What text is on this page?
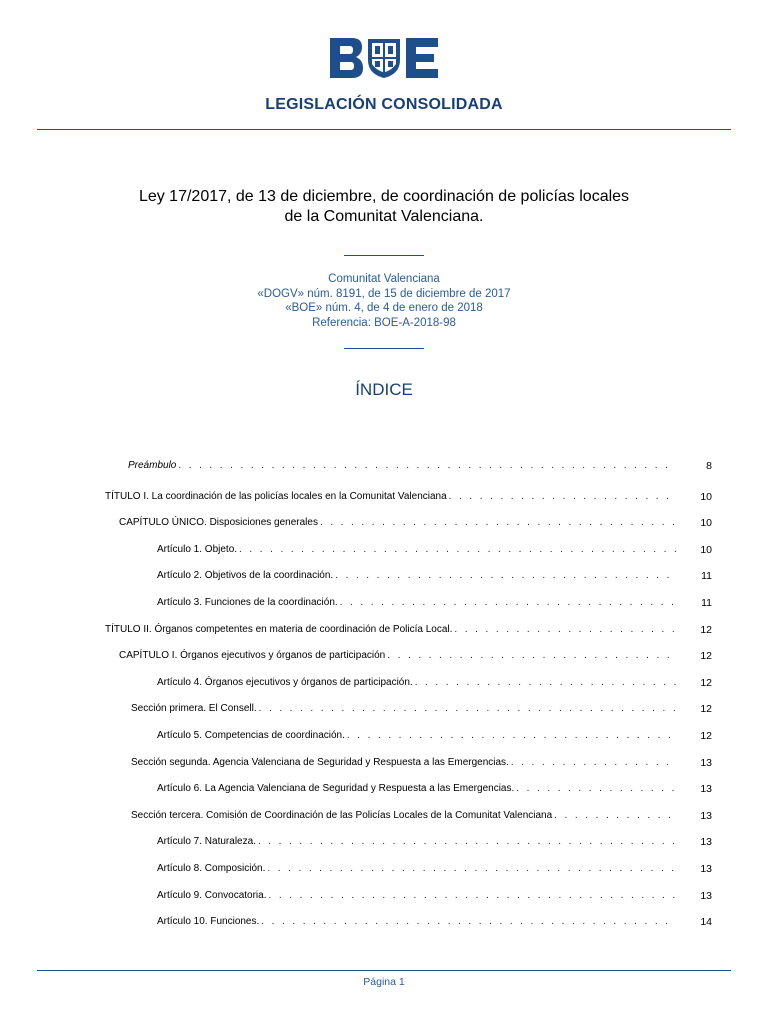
LEGISLACIÓN CONSOLIDADA
Ley 17/2017, de 13 de diciembre, de coordinación de policías locales
de la Comunitat Valenciana.
Comunitat Valenciana
«DOGV» núm. 8191, de 15 de diciembre de 2017
«BOE» núm. 4, de 4 de enero de 2018
Referencia: BOE-A-2018-98
ÍNDICE
Preámbulo . . .	8
TÍTULO I. La coordinación de las policías locales en la Comunitat Valenciana . . .	10
CAPÍTULO ÚNICO. Disposiciones generales . . .	10
Artículo 1. Objeto. . . .	10
Artículo 2. Objetivos de la coordinación. . . .	11
Artículo 3. Funciones de la coordinación. . . .	11
TÍTULO II. Órganos competentes en materia de coordinación de Policía Local. . . .	12
CAPÍTULO I. Órganos ejecutivos y órganos de participación . . .	12
Artículo 4. Órganos ejecutivos y órganos de participación. . . .	12
Sección primera. El Consell. . . .	12
Artículo 5. Competencias de coordinación. . . .	12
Sección segunda. Agencia Valenciana de Seguridad y Respuesta a las Emergencias. . . .	13
Artículo 6. La Agencia Valenciana de Seguridad y Respuesta a las Emergencias. . . .	13
Sección tercera. Comisión de Coordinación de las Policías Locales de la Comunitat Valenciana . . .	13
Artículo 7. Naturaleza. . . .	13
Artículo 8. Composición. . . .	13
Artículo 9. Convocatoria. . . .	13
Artículo 10. Funciones. . . .	14
Página 1
